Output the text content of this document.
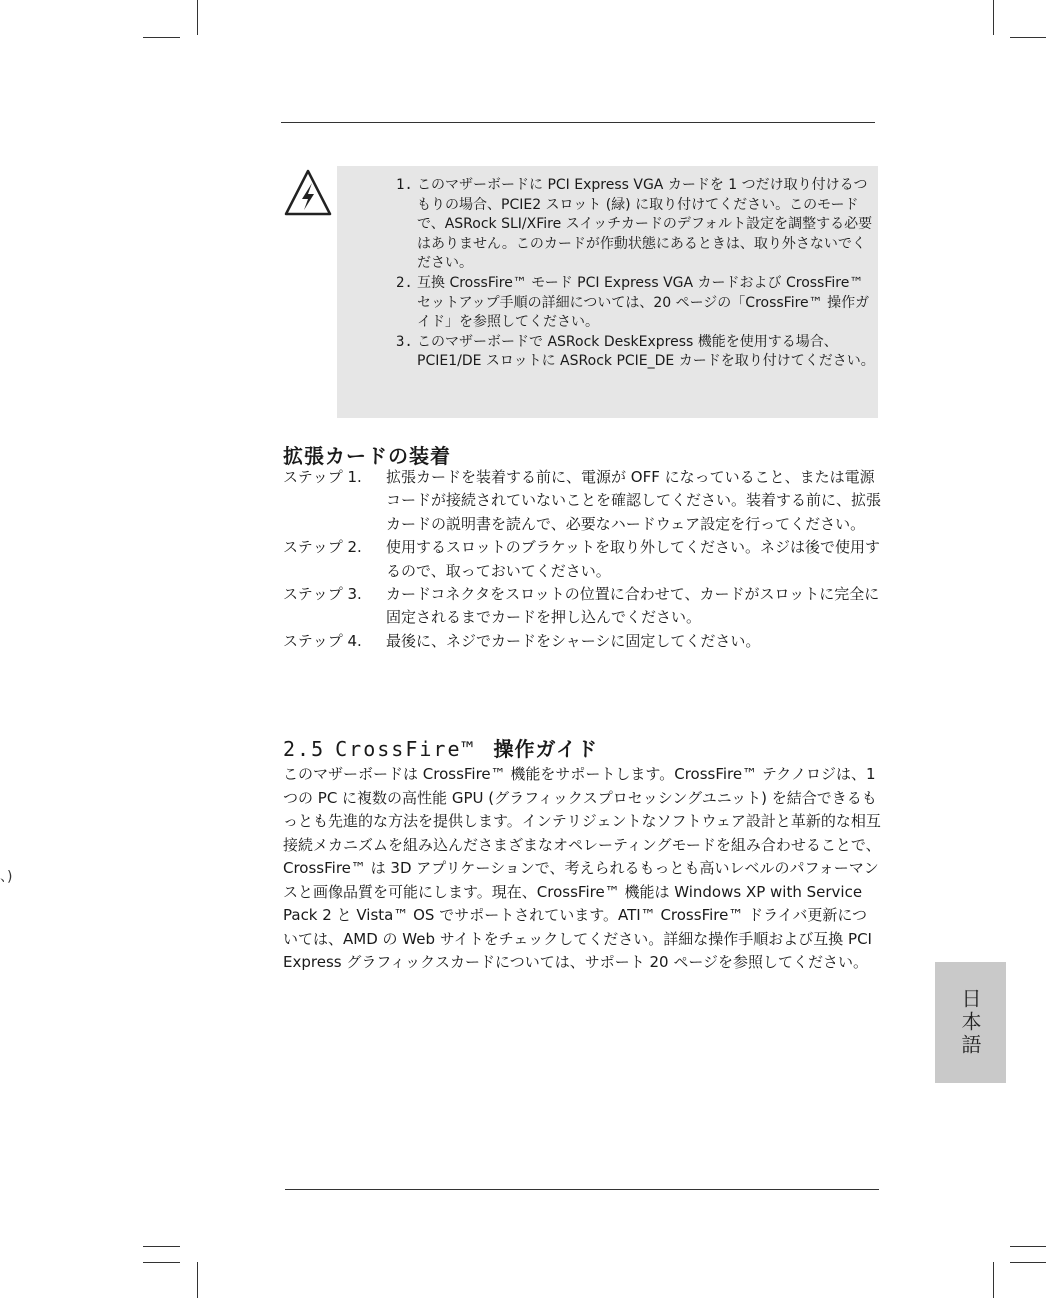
1. このマザーボードに PCI Express VGA カードを 1 つだけ取り付けるつもりの場合、PCIE2 スロット (緑) に取り付けてください。このモードで、ASRock SLI/XFire スイッチカードのデフォルト設定を調整する必要はありません。このカードが作動状態にあるときは、取り外さないでください。
2. 互換 CrossFire™ モード PCI Express VGA カードおよび CrossFire™ セットアップ手順の詳細については、20 ページの「CrossFire™ 操作ガイド」を参照してください。
3. このマザーボードで ASRock DeskExpress 機能を使用する場合、PCIE1/DE スロットに ASRock PCIE_DE カードを取り付けてください。
拡張カードの装着
ステップ 1.	拡張カードを装着する前に、電源が OFF になっていること、または電源コードが接続されていないことを確認してください。装着する前に、拡張カードの説明書を読んで、必要なハードウェア設定を行ってください。
ステップ 2.	使用するスロットのブラケットを取り外してください。ネジは後で使用するので、取っておいてください。
ステップ 3.	カードコネクタをスロットの位置に合わせて、カードがスロットに完全に固定されるまでカードを押し込んでください。
ステップ 4.	最後に、ネジでカードをシャーシに固定してください。
2.5 CrossFire™ 操作ガイド

このマザーボードは CrossFire™ 機能をサポートします。CrossFire™ テクノロジは、1 つの PC に複数の高性能 GPU (グラフィックスプロセッシングユニット) を結合できるもっとも先進的な方法を提供します。インテリジェントなソフトウェア設計と革新的な相互接続メカニズムを組み込んださまざまなオペレーティングモードを組み合わせることで、CrossFire™ は 3D アプリケーションで、考えられるもっとも高いレベルのパフォーマンスと画像品質を可能にします。現在、CrossFire™ 機能は Windows XP with Service Pack 2 と Vista™ OS でサポートされています。ATI™ CrossFire™ ドライバ更新については、AMD の Web サイトをチェックしてください。詳細な操作手順および互換 PCI Express グラフィックスカードについては、サポート 20 ページを参照してください。

日本語
、)
